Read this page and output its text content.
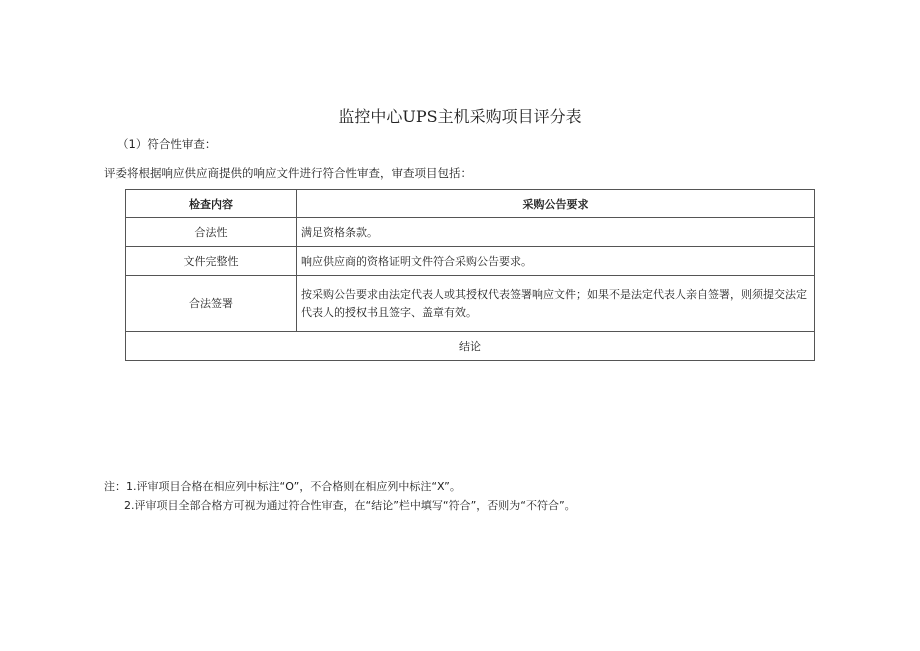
监控中心UPS主机采购项目评分表
（1）符合性审查：
评委将根据响应供应商提供的响应文件进行符合性审查，审查项目包括：
检查内容	采购公告要求
合法性	满足资格条款。
文件完整性	响应供应商的资格证明文件符合采购公告要求。
合法签署	按采购公告要求由法定代表人或其授权代表签署响应文件；如果不是法定代表人亲自签署，则须提交法定代表人的授权书且签字、盖章有效。
结论	
注：1.评审项目合格在相应列中标注“O”，不合格则在相应列中标注“X”。
2.评审项目全部合格方可视为通过符合性审查，在“结论”栏中填写“符合”，否则为“不符合”。
